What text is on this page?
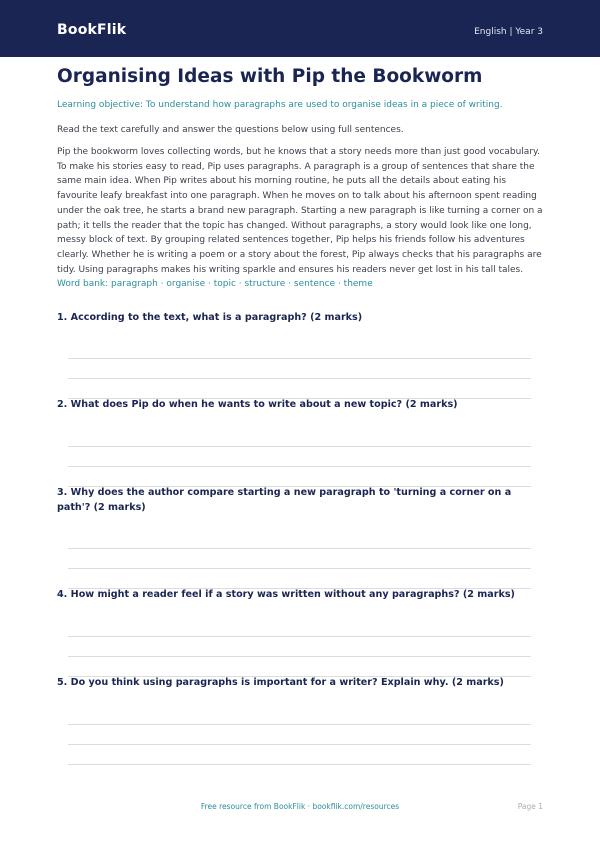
BookFlik	English | Year 3
Organising Ideas with Pip the Bookworm
Learning objective: To understand how paragraphs are used to organise ideas in a piece of writing.
Read the text carefully and answer the questions below using full sentences.
Pip the bookworm loves collecting words, but he knows that a story needs more than just good vocabulary. To make his stories easy to read, Pip uses paragraphs. A paragraph is a group of sentences that share the same main idea. When Pip writes about his morning routine, he puts all the details about eating his favourite leafy breakfast into one paragraph. When he moves on to talk about his afternoon spent reading under the oak tree, he starts a brand new paragraph. Starting a new paragraph is like turning a corner on a path; it tells the reader that the topic has changed. Without paragraphs, a story would look like one long, messy block of text. By grouping related sentences together, Pip helps his friends follow his adventures clearly. Whether he is writing a poem or a story about the forest, Pip always checks that his paragraphs are tidy. Using paragraphs makes his writing sparkle and ensures his readers never get lost in his tall tales.
Word bank: paragraph · organise · topic · structure · sentence · theme
1. According to the text, what is a paragraph? (2 marks)
2. What does Pip do when he wants to write about a new topic? (2 marks)
3. Why does the author compare starting a new paragraph to 'turning a corner on a path'? (2 marks)
4. How might a reader feel if a story was written without any paragraphs? (2 marks)
5. Do you think using paragraphs is important for a writer? Explain why. (2 marks)
Free resource from BookFlik · bookflik.com/resources	Page 1
